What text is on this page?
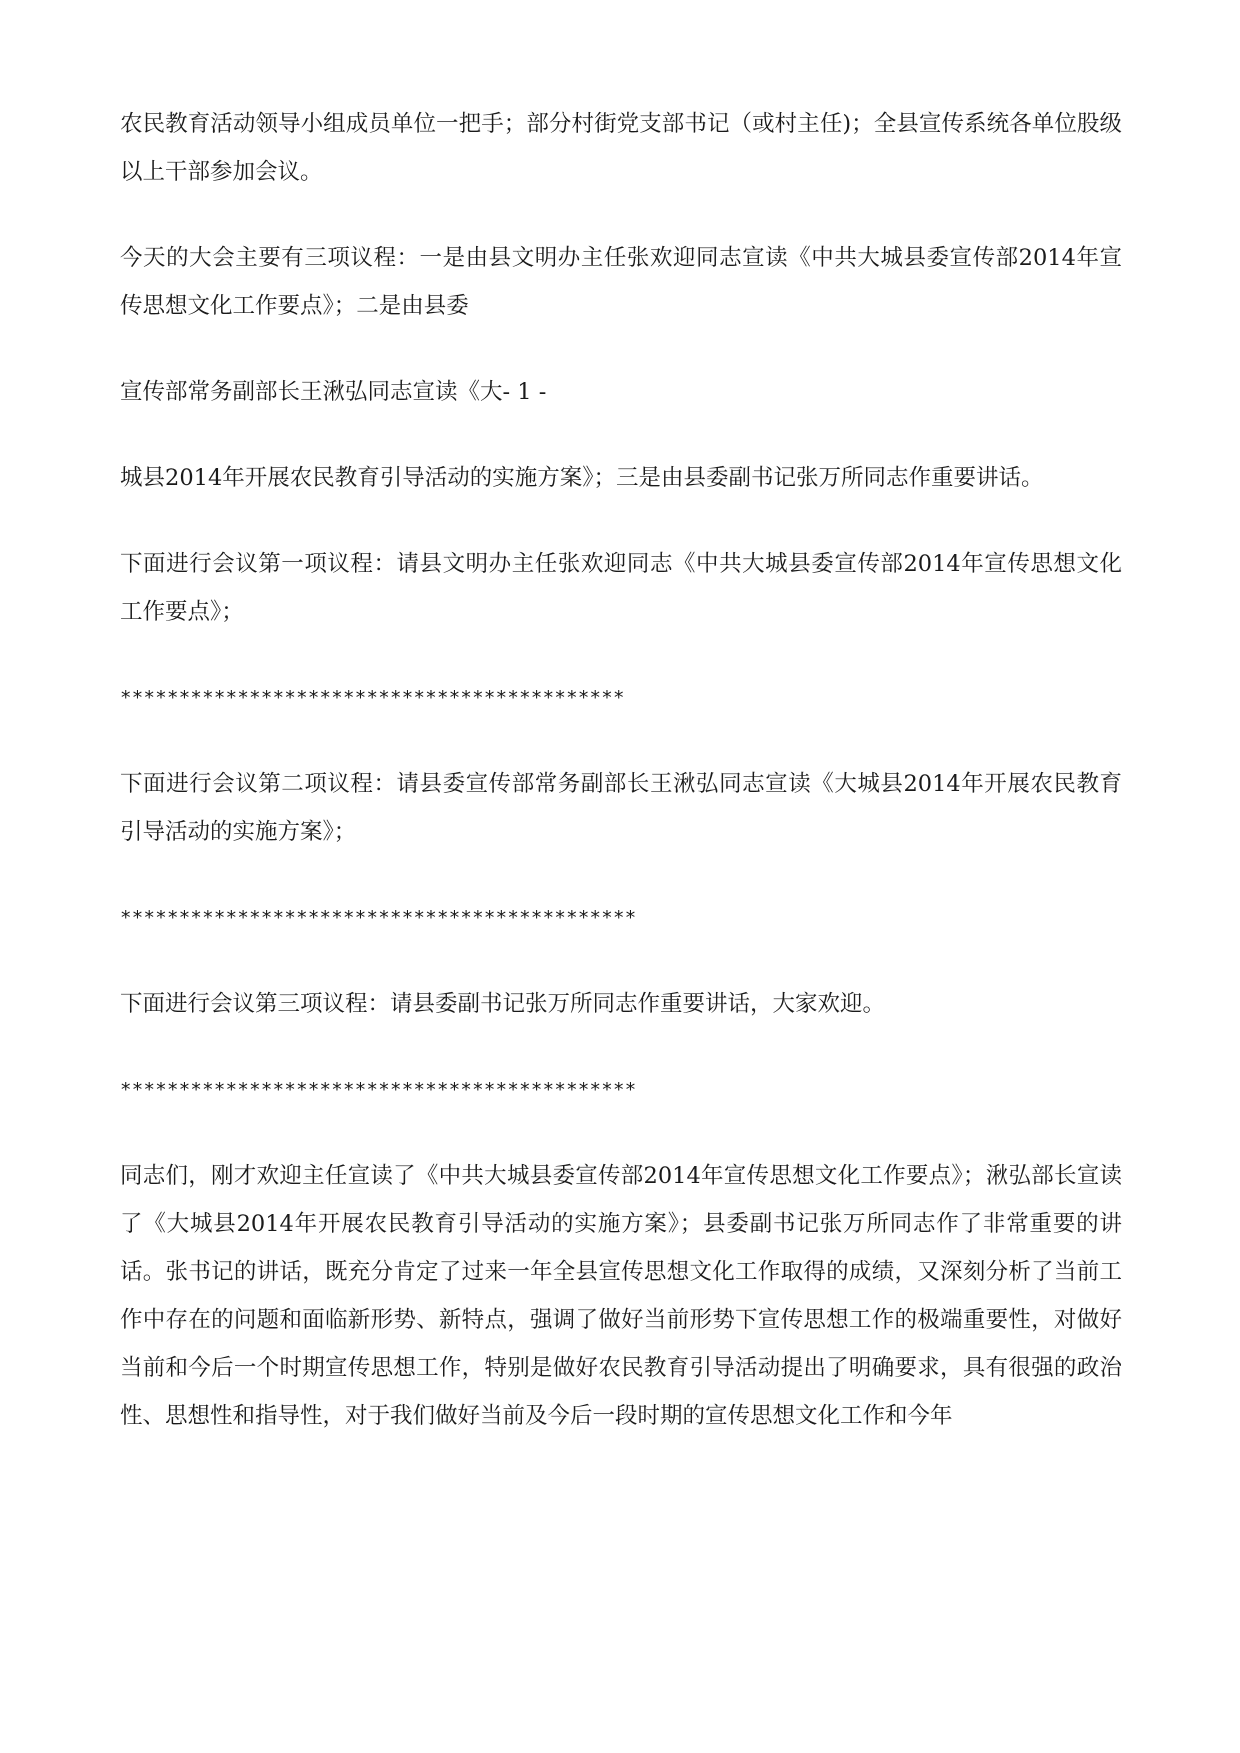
农民教育活动领导小组成员单位一把手；部分村街党支部书记（或村主任)；全县宣传系统各单位股级以上干部参加会议。

今天的大会主要有三项议程：一是由县文明办主任张欢迎同志宣读《中共大城县委宣传部2014年宣传思想文化工作要点》；二是由县委

宣传部常务副部长王湫弘同志宣读《大- 1 -

城县2014年开展农民教育引导活动的实施方案》；三是由县委副书记张万所同志作重要讲话。

下面进行会议第一项议程：请县文明办主任张欢迎同志《中共大城县委宣传部2014年宣传思想文化工作要点》；

*******************************************

下面进行会议第二项议程：请县委宣传部常务副部长王湫弘同志宣读《大城县2014年开展农民教育引导活动的实施方案》；

********************************************

下面进行会议第三项议程：请县委副书记张万所同志作重要讲话，大家欢迎。

********************************************

同志们，刚才欢迎主任宣读了《中共大城县委宣传部2014年宣传思想文化工作要点》；湫弘部长宣读了《大城县2014年开展农民教育引导活动的实施方案》；县委副书记张万所同志作了非常重要的讲话。张书记的讲话，既充分肯定了过来一年全县宣传思想文化工作取得的成绩，又深刻分析了当前工作中存在的问题和面临新形势、新特点，强调了做好当前形势下宣传思想工作的极端重要性，对做好当前和今后一个时期宣传思想工作，特别是做好农民教育引导活动提出了明确要求，具有很强的政治性、思想性和指导性，对于我们做好当前及今后一段时期的宣传思想文化工作和今年
